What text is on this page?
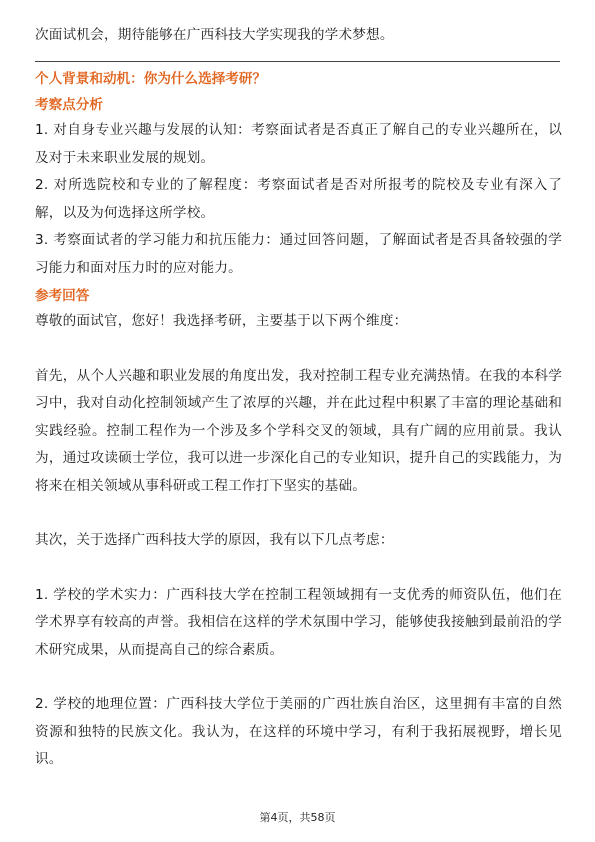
次面试机会，期待能够在广西科技大学实现我的学术梦想。

个人背景和动机：你为什么选择考研？

考察点分析

1. 对自身专业兴趣与发展的认知：考察面试者是否真正了解自己的专业兴趣所在，以及对于未来职业发展的规划。

2. 对所选院校和专业的了解程度：考察面试者是否对所报考的院校及专业有深入了解，以及为何选择这所学校。

3. 考察面试者的学习能力和抗压能力：通过回答问题，了解面试者是否具备较强的学习能力和面对压力时的应对能力。

参考回答

尊敬的面试官，您好！我选择考研，主要基于以下两个维度：

首先，从个人兴趣和职业发展的角度出发，我对控制工程专业充满热情。在我的本科学习中，我对自动化控制领域产生了浓厚的兴趣，并在此过程中积累了丰富的理论基础和实践经验。控制工程作为一个涉及多个学科交叉的领域，具有广阔的应用前景。我认为，通过攻读硕士学位，我可以进一步深化自己的专业知识，提升自己的实践能力，为将来在相关领域从事科研或工程工作打下坚实的基础。

其次，关于选择广西科技大学的原因，我有以下几点考虑：

1. 学校的学术实力：广西科技大学在控制工程领域拥有一支优秀的师资队伍，他们在学术界享有较高的声誉。我相信在这样的学术氛围中学习，能够使我接触到最前沿的学术研究成果，从而提高自己的综合素质。

2. 学校的地理位置：广西科技大学位于美丽的广西壮族自治区，这里拥有丰富的自然资源和独特的民族文化。我认为，在这样的环境中学习，有利于我拓展视野，增长见识。

第4页，共58页
